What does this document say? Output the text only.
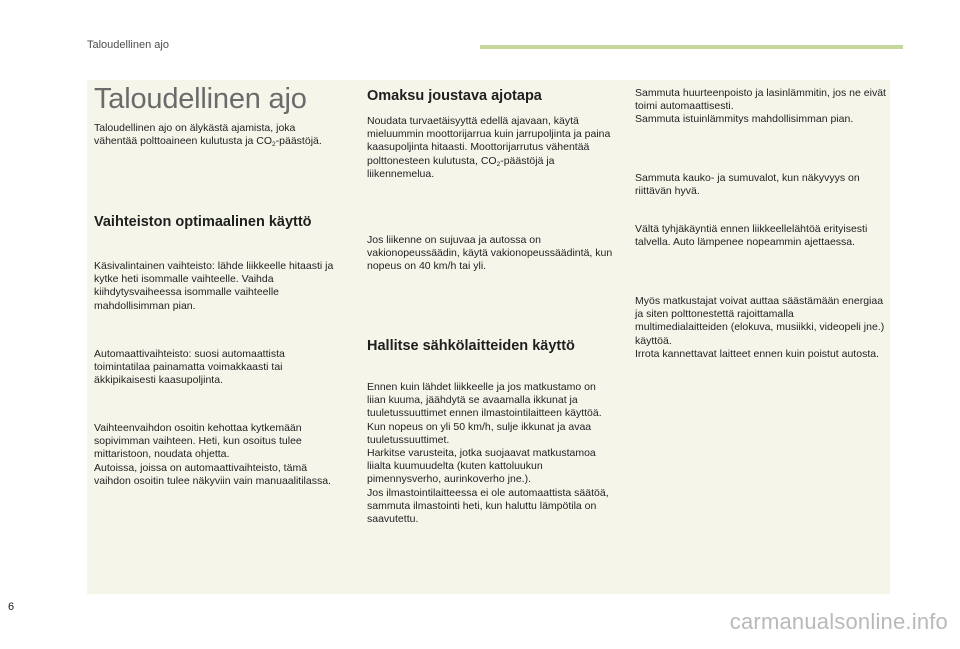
Taloudellinen ajo
Taloudellinen ajo

Taloudellinen ajo on älykästä ajamista, joka vähentää polttoaineen kulutusta ja $CO_2$-päästöjä.

Vaihteiston optimaalinen käyttö

Käsivalintainen vaihteisto: lähde liikkeelle hitaasti ja kytke heti isommalle vaihteelle. Vaihda kiihdytysvaiheessa isommalle vaihteelle mahdollisimman pian.

Automaattivaihteisto: suosi automaattista toimintatilaa painamatta voimakkaasti tai äkkipikaisesti kaasupoljinta.

Vaihteenvaihdon osoitin kehottaa kytkemään sopivimman vaihteen. Heti, kun osoitus tulee mittaristoon, noudata ohjetta.
Autoissa, joissa on automaattivaihteisto, tämä vaihdon osoitin tulee näkyviin vain manuaalitilassa.

Omaksu joustava ajotapa

Noudata turvaetäisyyttä edellä ajavaan, käytä mieluummin moottorijarrua kuin jarrupoljinta ja paina kaasupoljinta hitaasti. Moottorijarrutus vähentää polttonesteen kulutusta, $CO_2$-päästöjä ja liikennemelua.

Jos liikenne on sujuvaa ja autossa on vakionopeussäädin, käytä vakionopeussäädintä, kun nopeus on 40 km/h tai yli.

Hallitse sähkölaitteiden käyttö

Ennen kuin lähdet liikkeelle ja jos matkustamo on liian kuuma, jäähdytä se avaamalla ikkunat ja tuuletussuuttimet ennen ilmastointilaitteen käyttöä.
Kun nopeus on yli 50 km/h, sulje ikkunat ja avaa tuuletussuuttimet.
Harkitse varusteita, jotka suojaavat matkustamoa liialta kuumuudelta (kuten kattoluukun pimennysverho, aurinkoverho jne.).
Jos ilmastointilaitteessa ei ole automaattista säätöä, sammuta ilmastointi heti, kun haluttu lämpötila on saavutettu.

Sammuta huurteenpoisto ja lasinlämmitin, jos ne eivät toimi automaattisesti.
Sammuta istuinlämmitys mahdollisimman pian.

Sammuta kauko- ja sumuvalot, kun näkyvyys on riittävän hyvä.

Vältä tyhjäkäyntiä ennen liikkeellelähtöä erityisesti talvella. Auto lämpenee nopeammin ajettaessa.

Myös matkustajat voivat auttaa säästämään energiaa ja siten polttonestettä rajoittamalla multimedialaitteiden (elokuva, musiikki, videopeli jne.) käyttöä.
Irrota kannettavat laitteet ennen kuin poistut autosta.

6
carmanualsonline.info
